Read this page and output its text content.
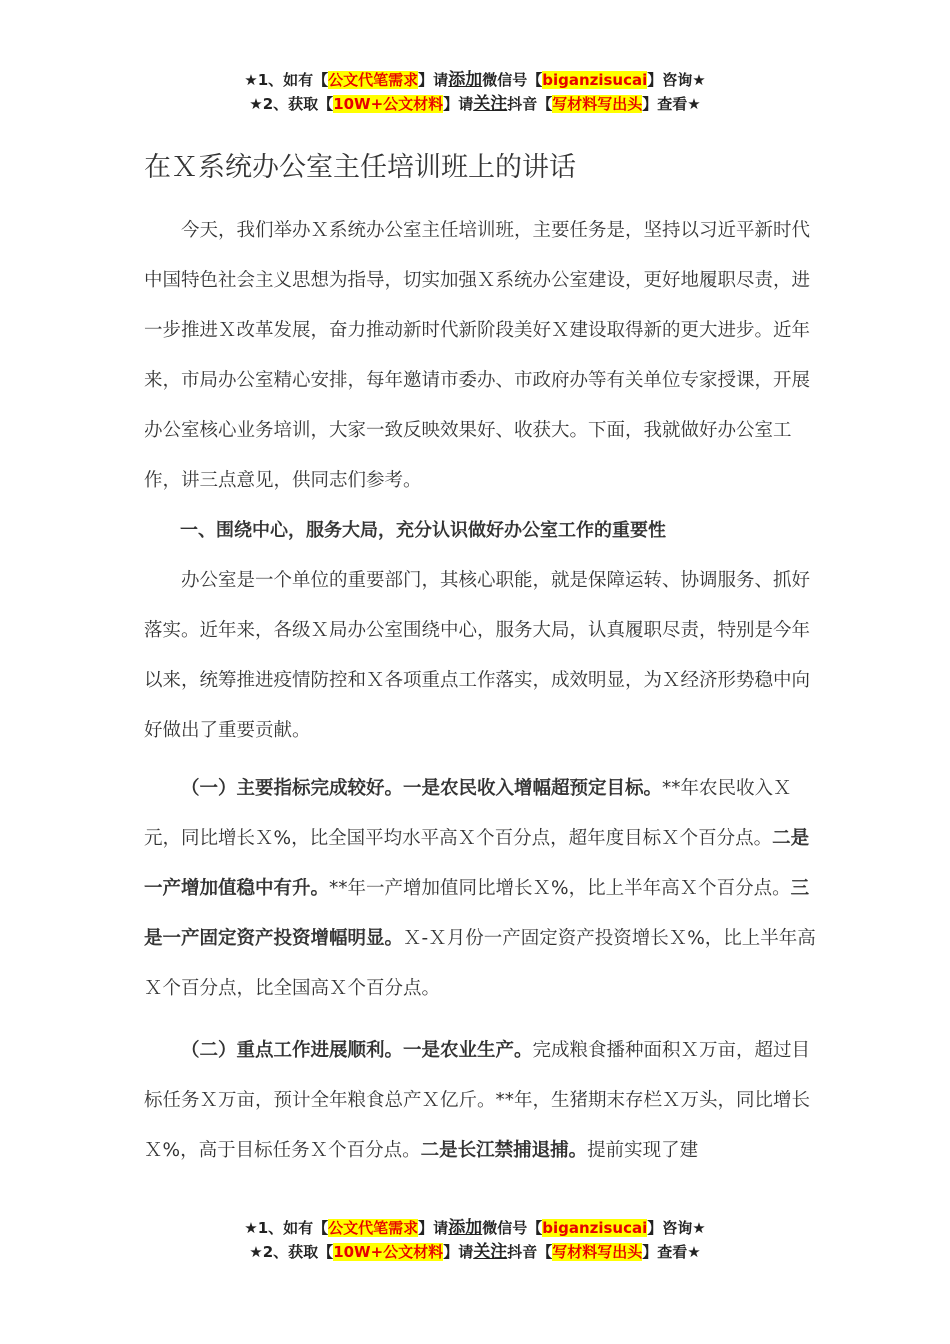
★1、如有【公文代笔需求】请添加微信号【biganzisucai】咨询★
★2、获取【10W+公文材料】请关注抖音【写材料写出头】查看★
在Ｘ系统办公室主任培训班上的讲话

今天，我们举办Ｘ系统办公室主任培训班，主要任务是，坚持以习近平新时代中国特色社会主义思想为指导，切实加强Ｘ系统办公室建设，更好地履职尽责，进一步推进Ｘ改革发展，奋力推动新时代新阶段美好Ｘ建设取得新的更大进步。近年来，市局办公室精心安排，每年邀请市委办、市政府办等有关单位专家授课，开展办公室核心业务培训，大家一致反映效果好、收获大。下面，我就做好办公室工作，讲三点意见，供同志们参考。

一、围绕中心，服务大局，充分认识做好办公室工作的重要性

办公室是一个单位的重要部门，其核心职能，就是保障运转、协调服务、抓好落实。近年来，各级Ｘ局办公室围绕中心，服务大局，认真履职尽责，特别是今年以来，统筹推进疫情防控和Ｘ各项重点工作落实，成效明显，为Ｘ经济形势稳中向好做出了重要贡献。

（一）主要指标完成较好。一是农民收入增幅超预定目标。**年农民收入Ｘ元，同比增长Ｘ%，比全国平均水平高Ｘ个百分点，超年度目标Ｘ个百分点。二是一产增加值稳中有升。**年一产增加值同比增长Ｘ%，比上半年高Ｘ个百分点。三是一产固定资产投资增幅明显。Ｘ-Ｘ月份一产固定资产投资增长Ｘ%，比上半年高Ｘ个百分点，比全国高Ｘ个百分点。

（二）重点工作进展顺利。一是农业生产。完成粮食播种面积Ｘ万亩，超过目标任务Ｘ万亩，预计全年粮食总产Ｘ亿斤。**年，生猪期末存栏Ｘ万头，同比增长Ｘ%，高于目标任务Ｘ个百分点。二是长江禁捕退捕。提前实现了建

★1、如有【公文代笔需求】请添加微信号【biganzisucai】咨询★
★2、获取【10W+公文材料】请关注抖音【写材料写出头】查看★
